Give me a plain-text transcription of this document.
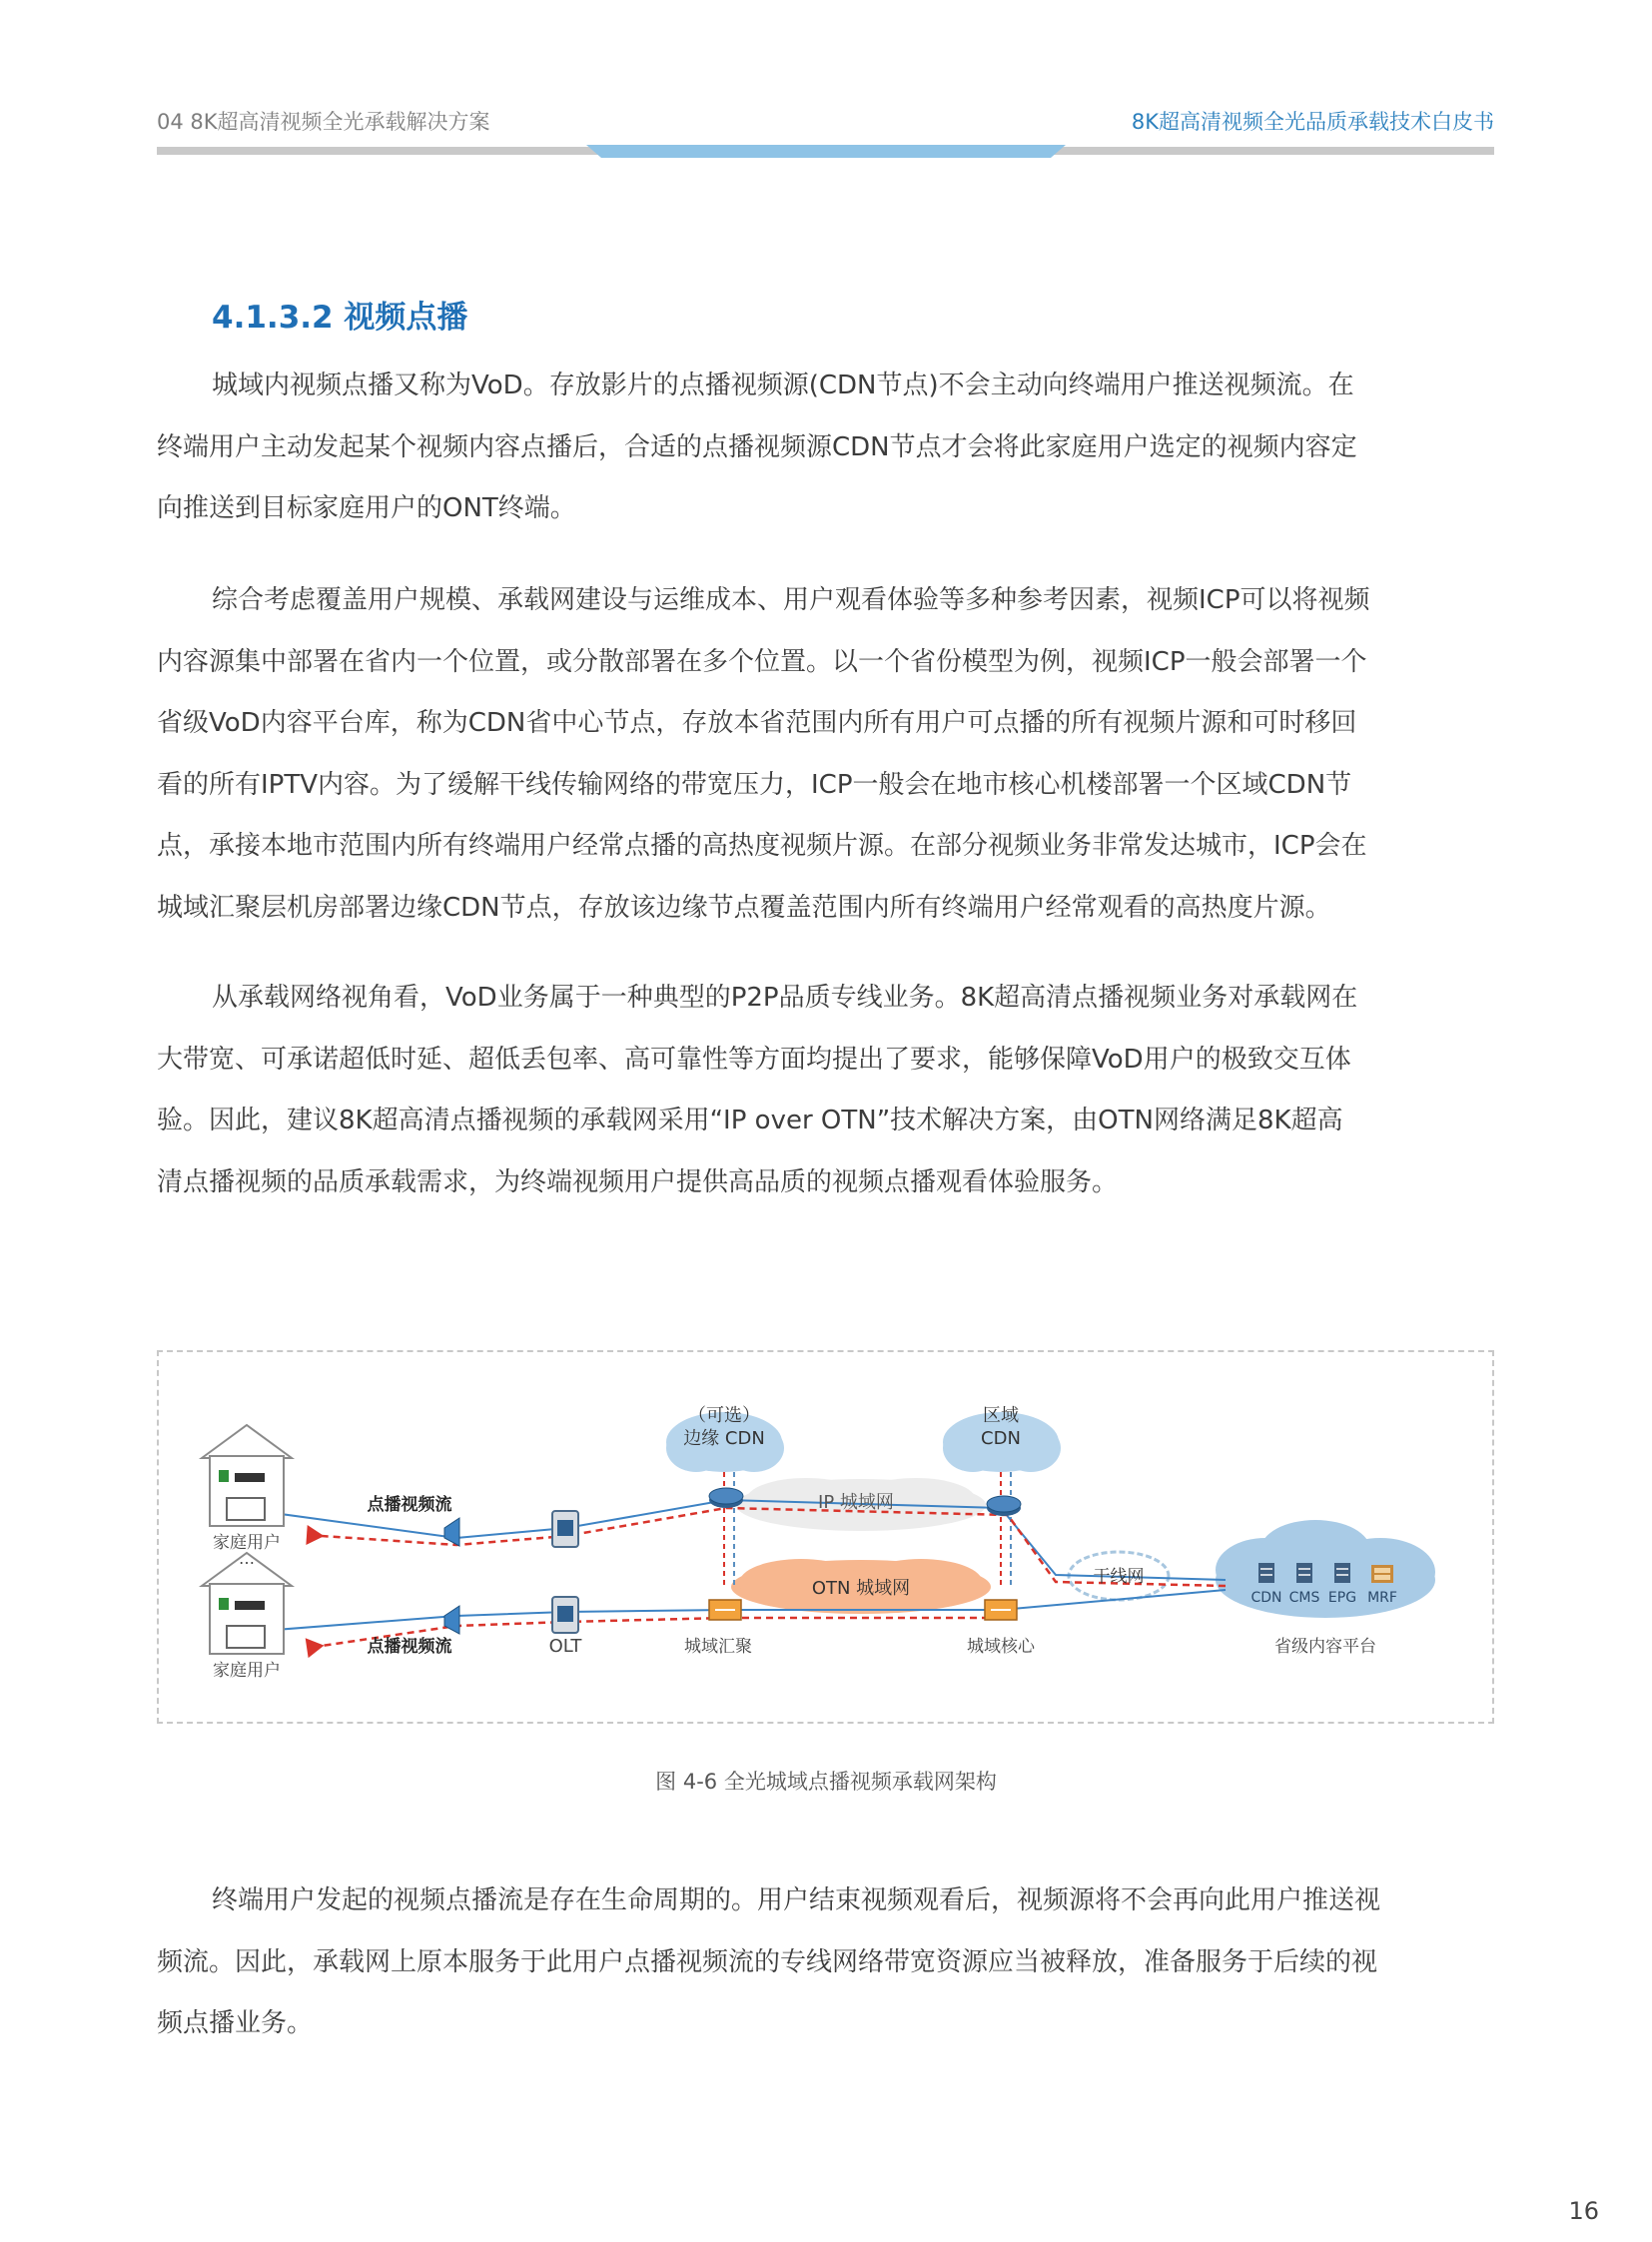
04 8K超高清视频全光承载解决方案	8K超高清视频全光品质承载技术白皮书
4.1.3.2 视频点播

城域内视频点播又称为VoD。存放影片的点播视频源(CDN节点)不会主动向终端用户推送视频流。在
终端用户主动发起某个视频内容点播后，合适的点播视频源CDN节点才会将此家庭用户选定的视频内容定
向推送到目标家庭用户的ONT终端。

综合考虑覆盖用户规模、承载网建设与运维成本、用户观看体验等多种参考因素，视频ICP可以将视频
内容源集中部署在省内一个位置，或分散部署在多个位置。以一个省份模型为例，视频ICP一般会部署一个
省级VoD内容平台库，称为CDN省中心节点，存放本省范围内所有用户可点播的所有视频片源和可时移回
看的所有IPTV内容。为了缓解干线传输网络的带宽压力，ICP一般会在地市核心机楼部署一个区域CDN节
点，承接本地市范围内所有终端用户经常点播的高热度视频片源。在部分视频业务非常发达城市，ICP会在
城域汇聚层机房部署边缘CDN节点，存放该边缘节点覆盖范围内所有终端用户经常观看的高热度片源。

从承载网络视角看，VoD业务属于一种典型的P2P品质专线业务。8K超高清点播视频业务对承载网在
大带宽、可承诺超低时延、超低丢包率、高可靠性等方面均提出了要求，能够保障VoD用户的极致交互体
验。因此，建议8K超高清点播视频的承载网采用“IP over OTN”技术解决方案，由OTN网络满足8K超高
清点播视频的品质承载需求，为终端视频用户提供高品质的视频点播观看体验服务。

（可选）
边缘 CDN
区域
CDN
IP 城域网
OTN 城域网
干线网
家庭用户
…
家庭用户
点播视频流
点播视频流	OLT	城域汇聚	城域核心
CDN CMS EPG MRF
省级内容平台
图 4-6 全光城域点播视频承载网架构

终端用户发起的视频点播流是存在生命周期的。用户结束视频观看后，视频源将不会再向此用户推送视
频流。因此，承载网上原本服务于此用户点播视频流的专线网络带宽资源应当被释放，准备服务于后续的视
频点播业务。

16
